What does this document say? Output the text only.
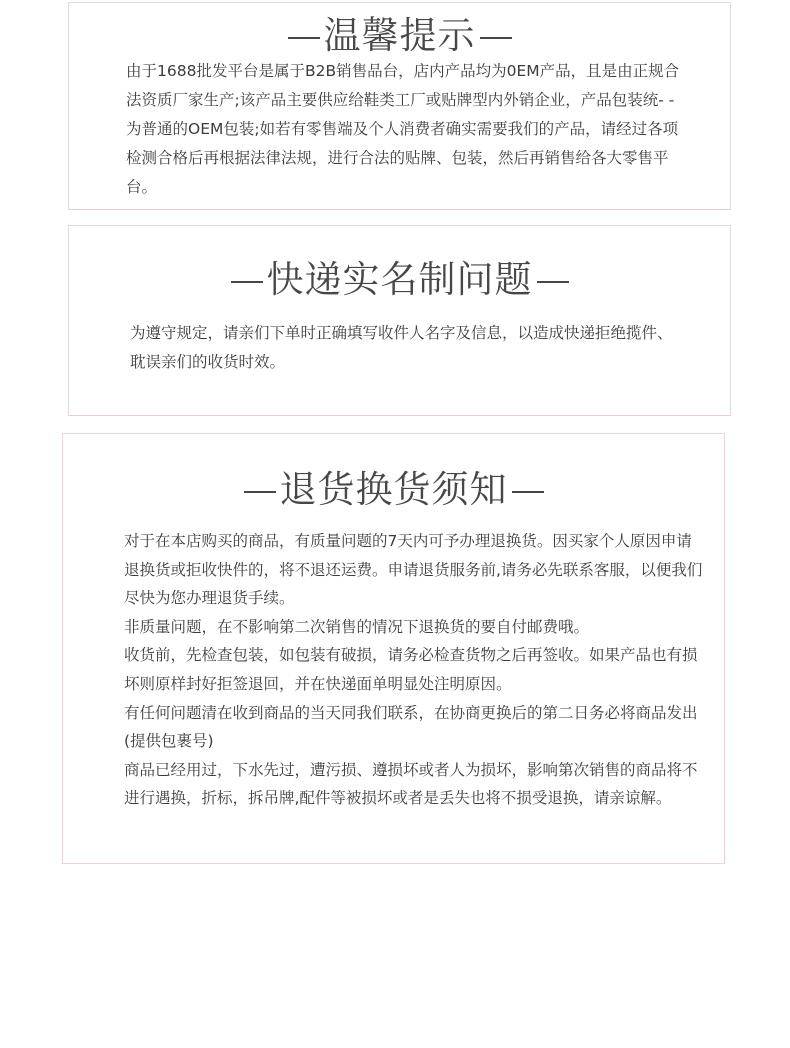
温馨提示

由于1688批发平台是属于B2B销售品台，店内产品均为0EM产品，且是由正规合法资质厂家生产;该产品主要供应给鞋类工厂或贴牌型内外销企业，产品包装统- -为普通的OEM包装;如若有零售端及个人消费者确实需要我们的产品，请经过各项检测合格后再根据法律法规，进行合法的贴牌、包装，然后再销售给各大零售平台。

快递实名制问题

为遵守规定，请亲们下单时正确填写收件人名字及信息，以造成快递拒绝揽件、耽误亲们的收货时效。

退货换货须知

对于在本店购买的商品，有质量问题的7天内可予办理退换货。因买家个人原因申请退换货或拒收快件的，将不退还运费。申请退货服务前,请务必先联系客服，以便我们尽快为您办理退货手续。

非质量问题，在不影响第二次销售的情况下退换货的要自付邮费哦。

收货前，先检查包装，如包装有破损，请务必检查货物之后再签收。如果产品也有损坏则原样封好拒签退回，并在快递面单明显处注明原因。

有任何问题清在收到商品的当天同我们联系，在协商更换后的第二日务必将商品发出(提供包裹号)

商品已经用过，下水先过，遭污损、遵损坏或者人为损坏，影响第次销售的商品将不进行遇换，折标，拆吊牌,配件等被损坏或者是丢失也将不损受退换，请亲谅解。
